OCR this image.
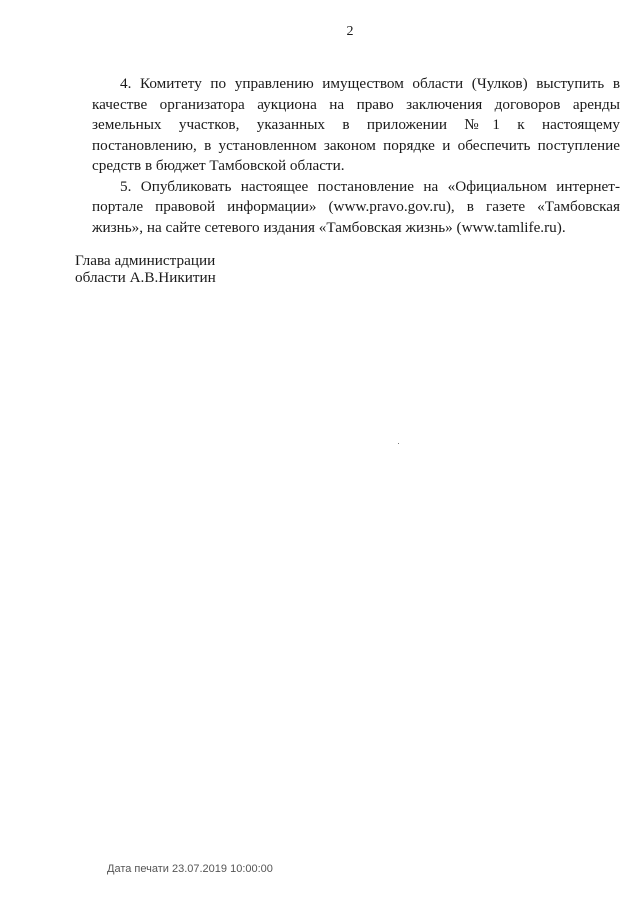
2

4. Комитету по управлению имуществом области (Чулков) выступить в качестве организатора аукциона на право заключения договоров аренды земельных участков, указанных в приложении №1 к настоящему постановлению, в установленном законом порядке и обеспечить поступление средств в бюджет Тамбовской области.

5. Опубликовать настоящее постановление на «Официальном интернет-портале правовой информации» (www.pravo.gov.ru), в газете «Тамбовская жизнь», на сайте сетевого издания «Тамбовская жизнь» (www.tamlife.ru).

Глава администрации
области А.В.Никитин
Дата печати 23.07.2019 10:00:00
